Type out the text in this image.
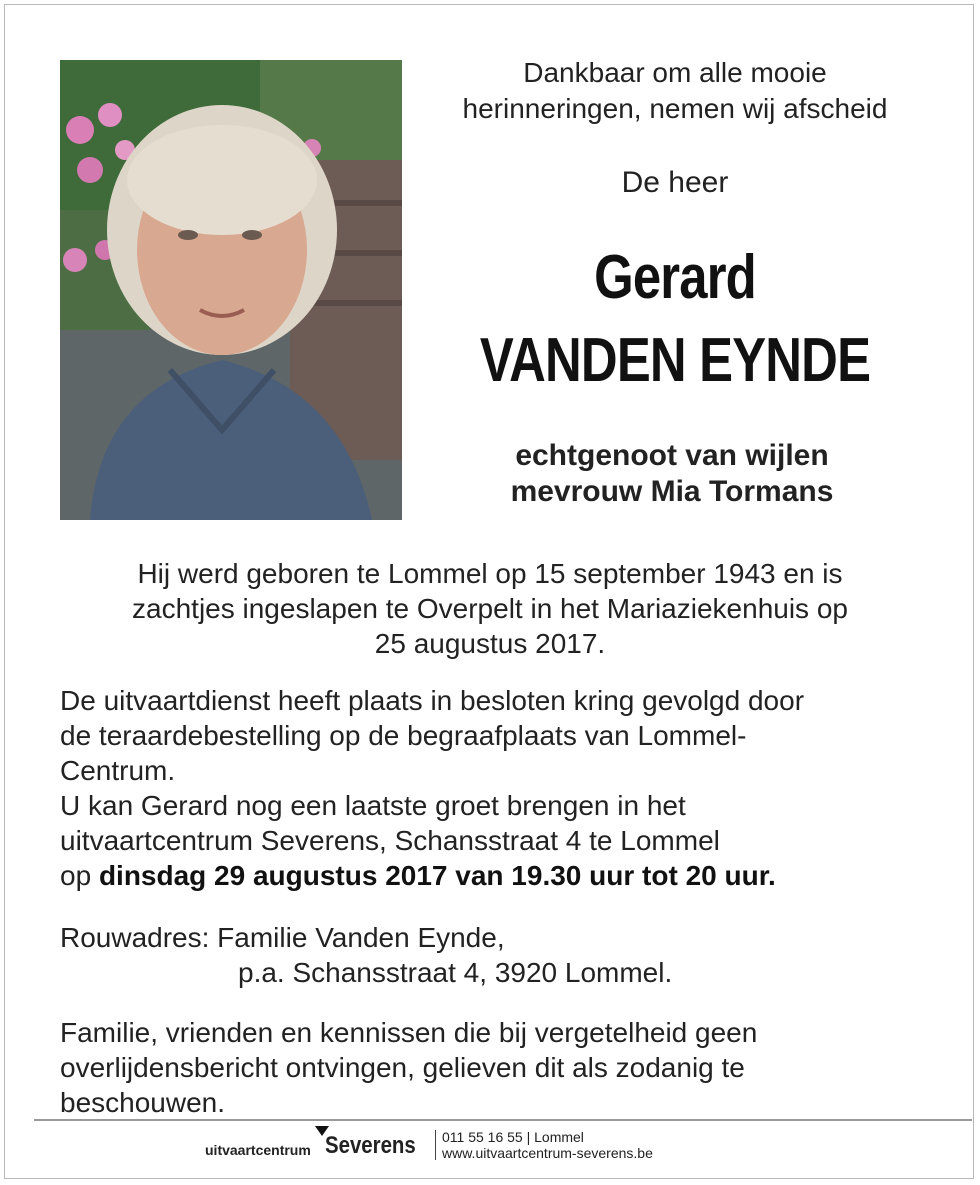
Dankbaar om alle mooie
herinneringen, nemen wij afscheid
De heer
Gerard
VANDEN EYNDE
echtgenoot van wijlen
mevrouw Mia Tormans
Hij werd geboren te Lommel op 15 september 1943 en is
zachtjes ingeslapen te Overpelt in het Mariaziekenhuis op
25 augustus 2017.
De uitvaartdienst heeft plaats in besloten kring gevolgd door
de teraardebestelling op de begraafplaats van Lommel-
Centrum.
U kan Gerard nog een laatste groet brengen in het
uitvaartcentrum Severens, Schansstraat 4 te Lommel
op dinsdag 29 augustus 2017 van 19.30 uur tot 20 uur.
Rouwadres: Familie Vanden Eynde,
p.a. Schansstraat 4, 3920 Lommel.
Familie, vrienden en kennissen die bij vergetelheid geen
overlijdensbericht ontvingen, gelieven dit als zodanig te
beschouwen.
uitvaartcentrum Severens 011 55 16 55 | Lommel
www.uitvaartcentrum-severens.be
